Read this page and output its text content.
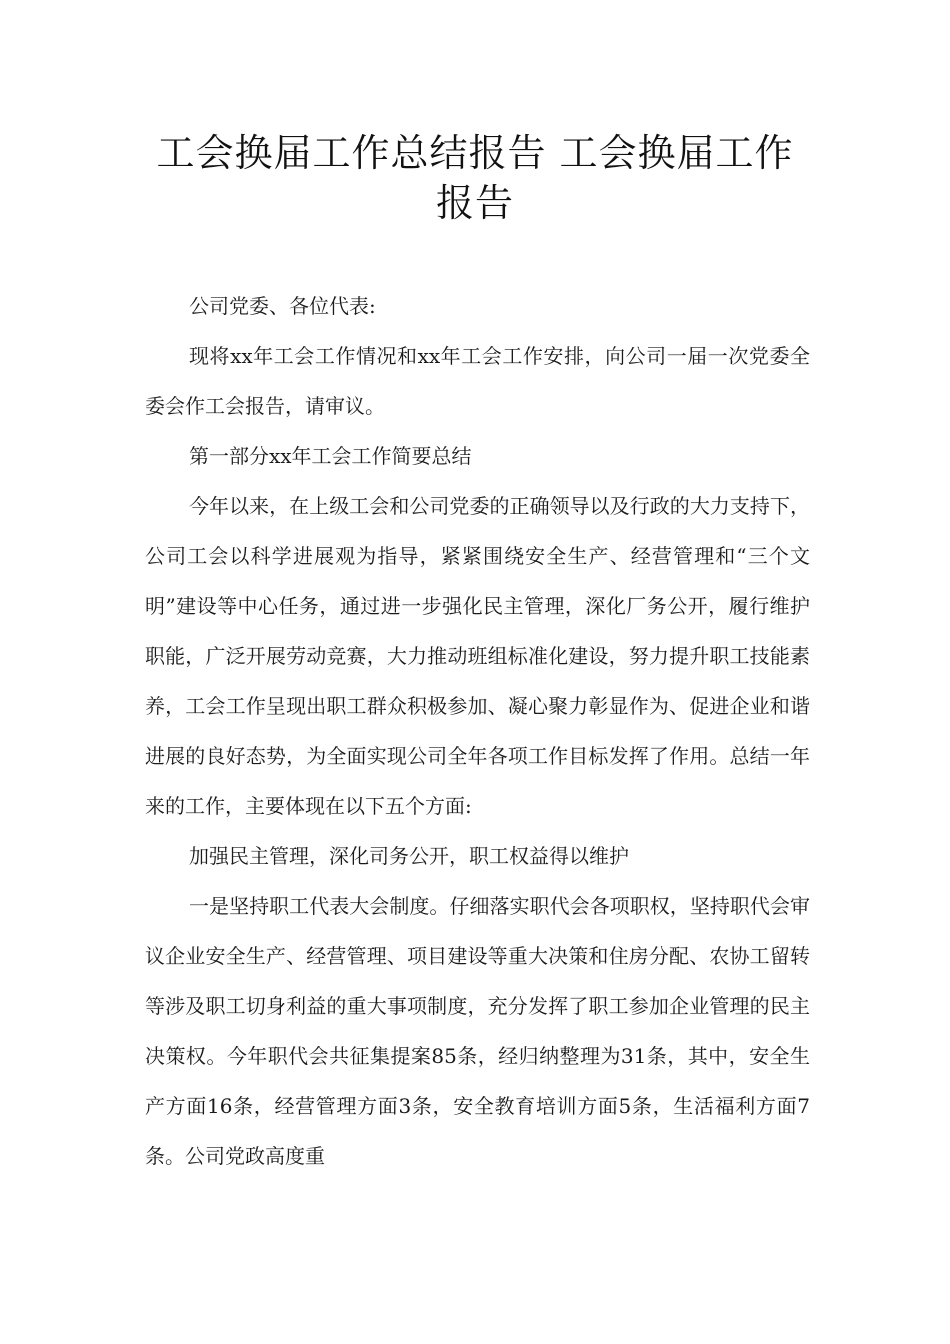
工会换届工作总结报告 工会换届工作
报告

公司党委、各位代表:

现将xx年工会工作情况和xx年工会工作安排，向公司一届一次党委全委会作工会报告，请审议。

第一部分xx年工会工作简要总结

今年以来，在上级工会和公司党委的正确领导以及行政的大力支持下，公司工会以科学进展观为指导，紧紧围绕安全生产、经营管理和“三个文明”建设等中心任务，通过进一步强化民主管理，深化厂务公开，履行维护职能，广泛开展劳动竞赛，大力推动班组标准化建设，努力提升职工技能素养，工会工作呈现出职工群众积极参加、凝心聚力彰显作为、促进企业和谐进展的良好态势，为全面实现公司全年各项工作目标发挥了作用。总结一年来的工作，主要体现在以下五个方面:

加强民主管理，深化司务公开，职工权益得以维护

一是坚持职工代表大会制度。仔细落实职代会各项职权，坚持职代会审议企业安全生产、经营管理、项目建设等重大决策和住房分配、农协工留转等涉及职工切身利益的重大事项制度，充分发挥了职工参加企业管理的民主决策权。今年职代会共征集提案85条，经归纳整理为31条，其中，安全生产方面16条，经营管理方面3条，安全教育培训方面5条，生活福利方面7条。公司党政高度重
